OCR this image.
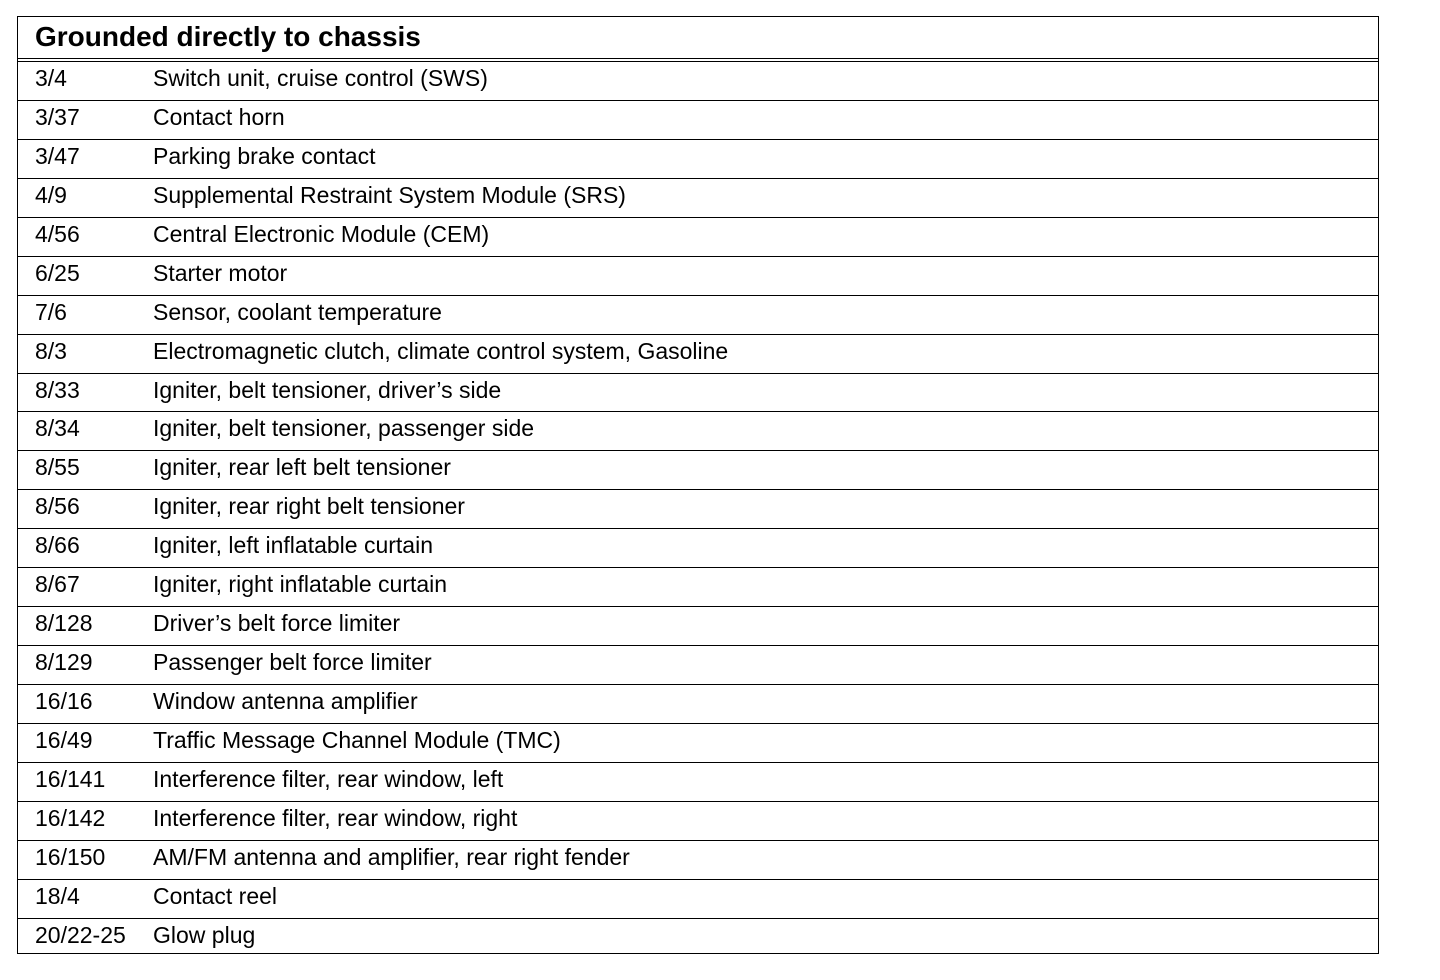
Grounded directly to chassis
3/4	Switch unit, cruise control (SWS)
3/37	Contact horn
3/47	Parking brake contact
4/9	Supplemental Restraint System Module (SRS)
4/56	Central Electronic Module (CEM)
6/25	Starter motor
7/6	Sensor, coolant temperature
8/3	Electromagnetic clutch, climate control system, Gasoline
8/33	Igniter, belt tensioner, driver’s side
8/34	Igniter, belt tensioner, passenger side
8/55	Igniter, rear left belt tensioner
8/56	Igniter, rear right belt tensioner
8/66	Igniter, left inflatable curtain
8/67	Igniter, right inflatable curtain
8/128	Driver’s belt force limiter
8/129	Passenger belt force limiter
16/16	Window antenna amplifier
16/49	Traffic Message Channel Module (TMC)
16/141 Interference filter, rear window, left
16/142 Interference filter, rear window, right
16/150 AM/FM antenna and amplifier, rear right fender
18/4	Contact reel
20/22-25 Glow plug
